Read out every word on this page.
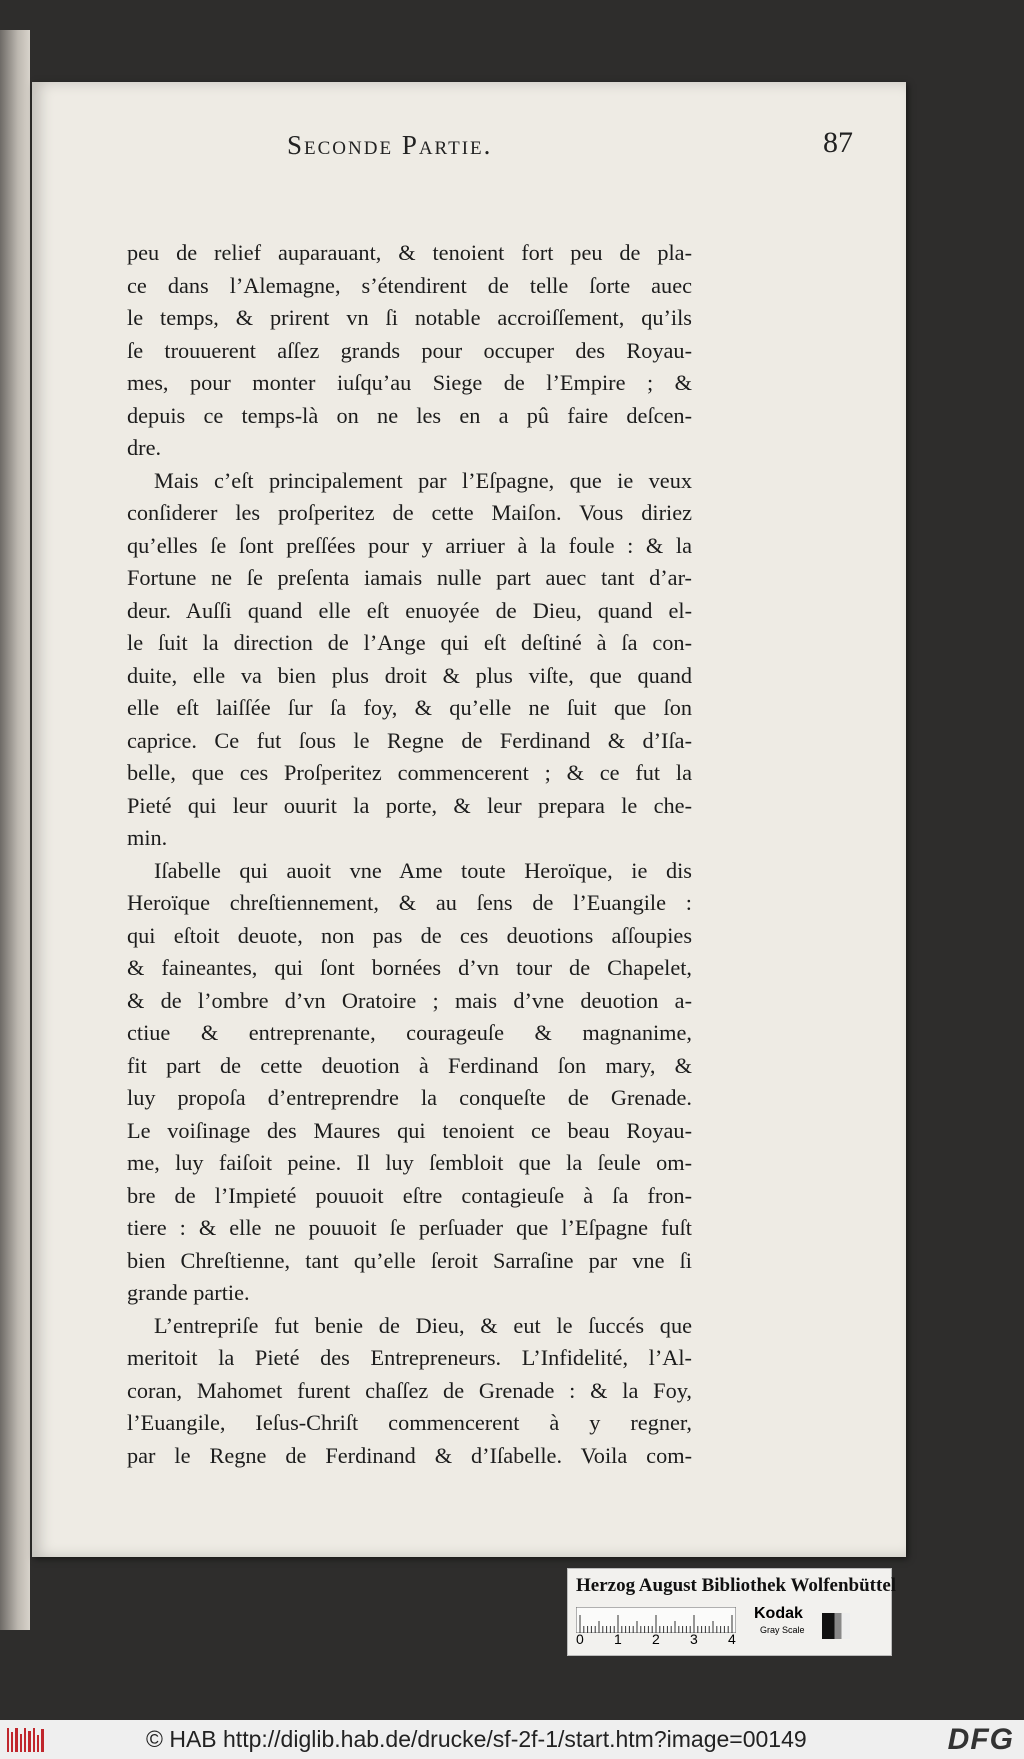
Seconde Partie.	87
peu de relief auparauant, & tenoient fort peu de pla-
ce dans l’Alemagne, s’étendirent de telle ſorte auec
le temps, & prirent vn ſi notable accroiſſement, qu’ils
ſe trouuerent aſſez grands pour occuper des Royau-
mes, pour monter iuſqu’au Siege de l’Empire ; &
depuis ce temps-là on ne les en a pû faire deſcen-
dre.
Mais c’eſt principalement par l’Eſpagne, que ie veux
conſiderer les proſperitez de cette Maiſon. Vous diriez
qu’elles ſe ſont preſſées pour y arriuer à la foule : & la
Fortune ne ſe preſenta iamais nulle part auec tant d’ar-
deur. Auſſi quand elle eſt enuoyée de Dieu, quand el-
le ſuit la direction de l’Ange qui eſt deſtiné à ſa con-
duite, elle va bien plus droit & plus viſte, que quand
elle eſt laiſſée ſur ſa foy, & qu’elle ne ſuit que ſon
caprice. Ce fut ſous le Regne de Ferdinand & d’Iſa-
belle, que ces Proſperitez commencerent ; & ce fut la
Pieté qui leur ouurit la porte, & leur prepara le che-
min.
Iſabelle qui auoit vne Ame toute Heroïque, ie dis
Heroïque chreſtiennement, & au ſens de l’Euangile :
qui eſtoit deuote, non pas de ces deuotions aſſoupies
& faineantes, qui ſont bornées d’vn tour de Chapelet,
& de l’ombre d’vn Oratoire ; mais d’vne deuotion a-
ctiue & entreprenante, courageuſe & magnanime,
fit part de cette deuotion à Ferdinand ſon mary, &
luy propoſa d’entreprendre la conqueſte de Grenade.
Le voiſinage des Maures qui tenoient ce beau Royau-
me, luy faiſoit peine. Il luy ſembloit que la ſeule om-
bre de l’Impieté pouuoit eſtre contagieuſe à ſa fron-
tiere : & elle ne pouuoit ſe perſuader que l’Eſpagne fuſt
bien Chreſtienne, tant qu’elle ſeroit Sarraſine par vne ſi
grande partie.
L’entrepriſe fut benie de Dieu, & eut le ſuccés que
meritoit la Pieté des Entrepreneurs. L’Infidelité, l’Al-
coran, Mahomet furent chaſſez de Grenade : & la Foy,
l’Euangile, Ieſus-Chriſt commencerent à y regner,
par le Regne de Ferdinand & d’Iſabelle. Voila com-
Herzog August Bibliothek Wolfenbüttel
0 1 2 3 4
Kodak
Gray Scale
© HAB http://diglib.hab.de/drucke/sf-2f-1/start.htm?image=00149	DFG
